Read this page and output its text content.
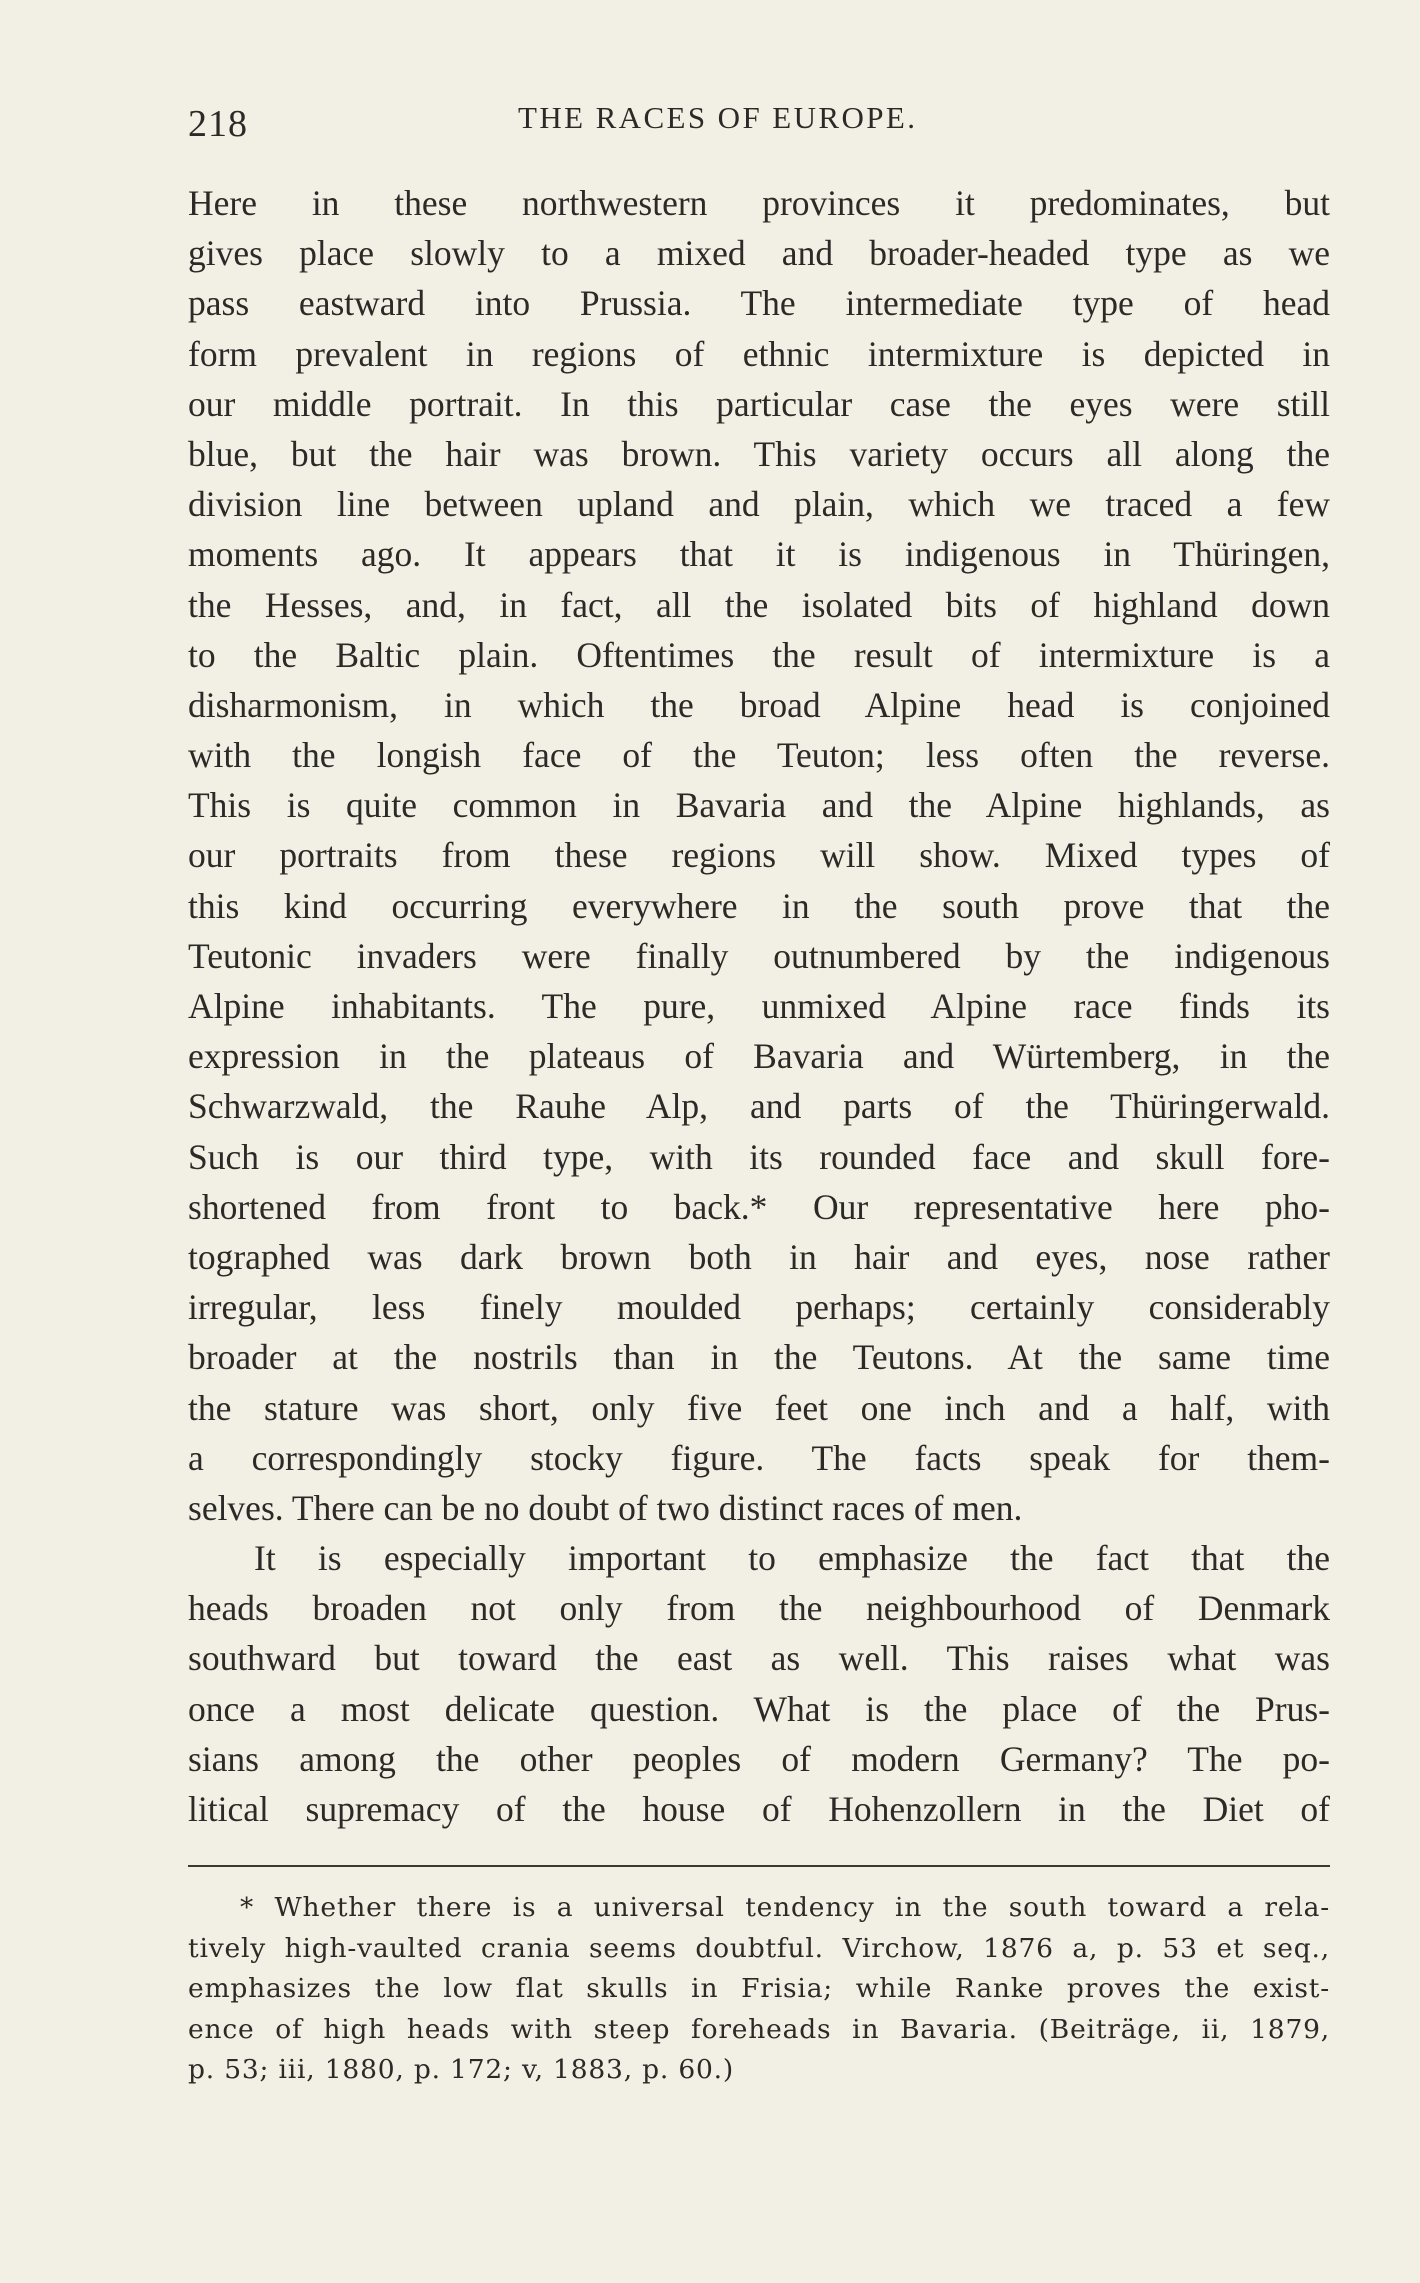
218	THE RACES OF EUROPE.
Here in these northwestern provinces it predominates, but
gives place slowly to a mixed and broader-headed type as we
pass eastward into Prussia. The intermediate type of head
form prevalent in regions of ethnic intermixture is depicted in
our middle portrait. In this particular case the eyes were still
blue, but the hair was brown. This variety occurs all along the
division line between upland and plain, which we traced a few
moments ago. It appears that it is indigenous in Thüringen,
the Hesses, and, in fact, all the isolated bits of highland down
to the Baltic plain. Oftentimes the result of intermixture is a
disharmonism, in which the broad Alpine head is conjoined
with the longish face of the Teuton; less often the reverse.
This is quite common in Bavaria and the Alpine highlands, as
our portraits from these regions will show. Mixed types of
this kind occurring everywhere in the south prove that the
Teutonic invaders were finally outnumbered by the indigenous
Alpine inhabitants. The pure, unmixed Alpine race finds its
expression in the plateaus of Bavaria and Würtemberg, in the
Schwarzwald, the Rauhe Alp, and parts of the Thüringerwald.
Such is our third type, with its rounded face and skull fore-
shortened from front to back.* Our representative here pho-
tographed was dark brown both in hair and eyes, nose rather
irregular, less finely moulded perhaps; certainly considerably
broader at the nostrils than in the Teutons. At the same time
the stature was short, only five feet one inch and a half, with
a correspondingly stocky figure. The facts speak for them-
selves. There can be no doubt of two distinct races of men.
It is especially important to emphasize the fact that the
heads broaden not only from the neighbourhood of Denmark
southward but toward the east as well. This raises what was
once a most delicate question. What is the place of the Prus-
sians among the other peoples of modern Germany? The po-
litical supremacy of the house of Hohenzollern in the Diet of
* Whether there is a universal tendency in the south toward a rela-
tively high-vaulted crania seems doubtful. Virchow, 1876 a, p. 53 et seq.,
emphasizes the low flat skulls in Frisia; while Ranke proves the exist-
ence of high heads with steep foreheads in Bavaria. (Beiträge, ii, 1879,
p. 53; iii, 1880, p. 172; v, 1883, p. 60.)
